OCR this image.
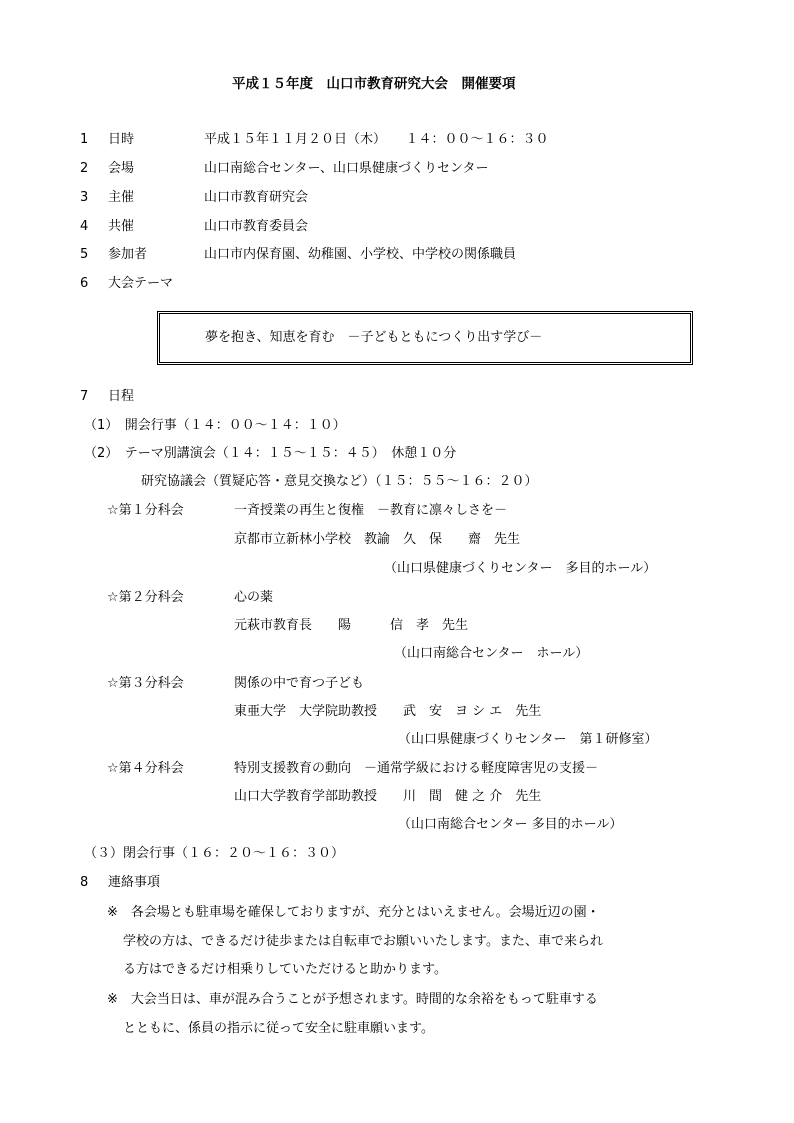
平成１５年度　山口市教育研究大会　開催要項
1 日時	平成１５年１１月２０日（木）　　１４：００～１６：３０
2 会場	山口南総合センター、山口県健康づくりセンター
3 主催	山口市教育研究会
4 共催	山口市教育委員会
5 参加者	山口市内保育園、幼稚園、小学校、中学校の関係職員
6 大会テーマ
夢を抱き、知恵を育む　－子どもともにつくり出す学び－
7 日程
（1）　開会行事（１４：００～１４：１０）
（2）　テーマ別講演会（１４：１５～１５：４５）　休憩１０分
研究協議会（質疑応答・意見交換など）（１５：５５～１６：２０）
☆第１分科会	一斉授業の再生と復権　－教育に凛々しさを－
京都市立新林小学校　教諭　久　保　　齋　先生
（山口県健康づくりセンター　多目的ホール）
☆第２分科会	心の薬
元萩市教育長　　陽　　　信　孝　先生
（山口南総合センター　ホール）
☆第３分科会	関係の中で育つ子ども
東亜大学　大学院助教授　　武　安　ヨ シ エ　先生
（山口県健康づくりセンター　第１研修室）
☆第４分科会	特別支援教育の動向　－通常学級における軽度障害児の支援－
山口大学教育学部助教授　　川　間　健 之 介　先生
（山口南総合センター 多目的ホール）
（３）閉会行事（１６：２０～１６：３０）
8 連絡事項
※　各会場とも駐車場を確保しておりますが、充分とはいえません。会場近辺の園・
学校の方は、できるだけ徒歩または自転車でお願いいたします。また、車で来られ
る方はできるだけ相乗りしていただけると助かります。
※　大会当日は、車が混み合うことが予想されます。時間的な余裕をもって駐車する
とともに、係員の指示に従って安全に駐車願います。
